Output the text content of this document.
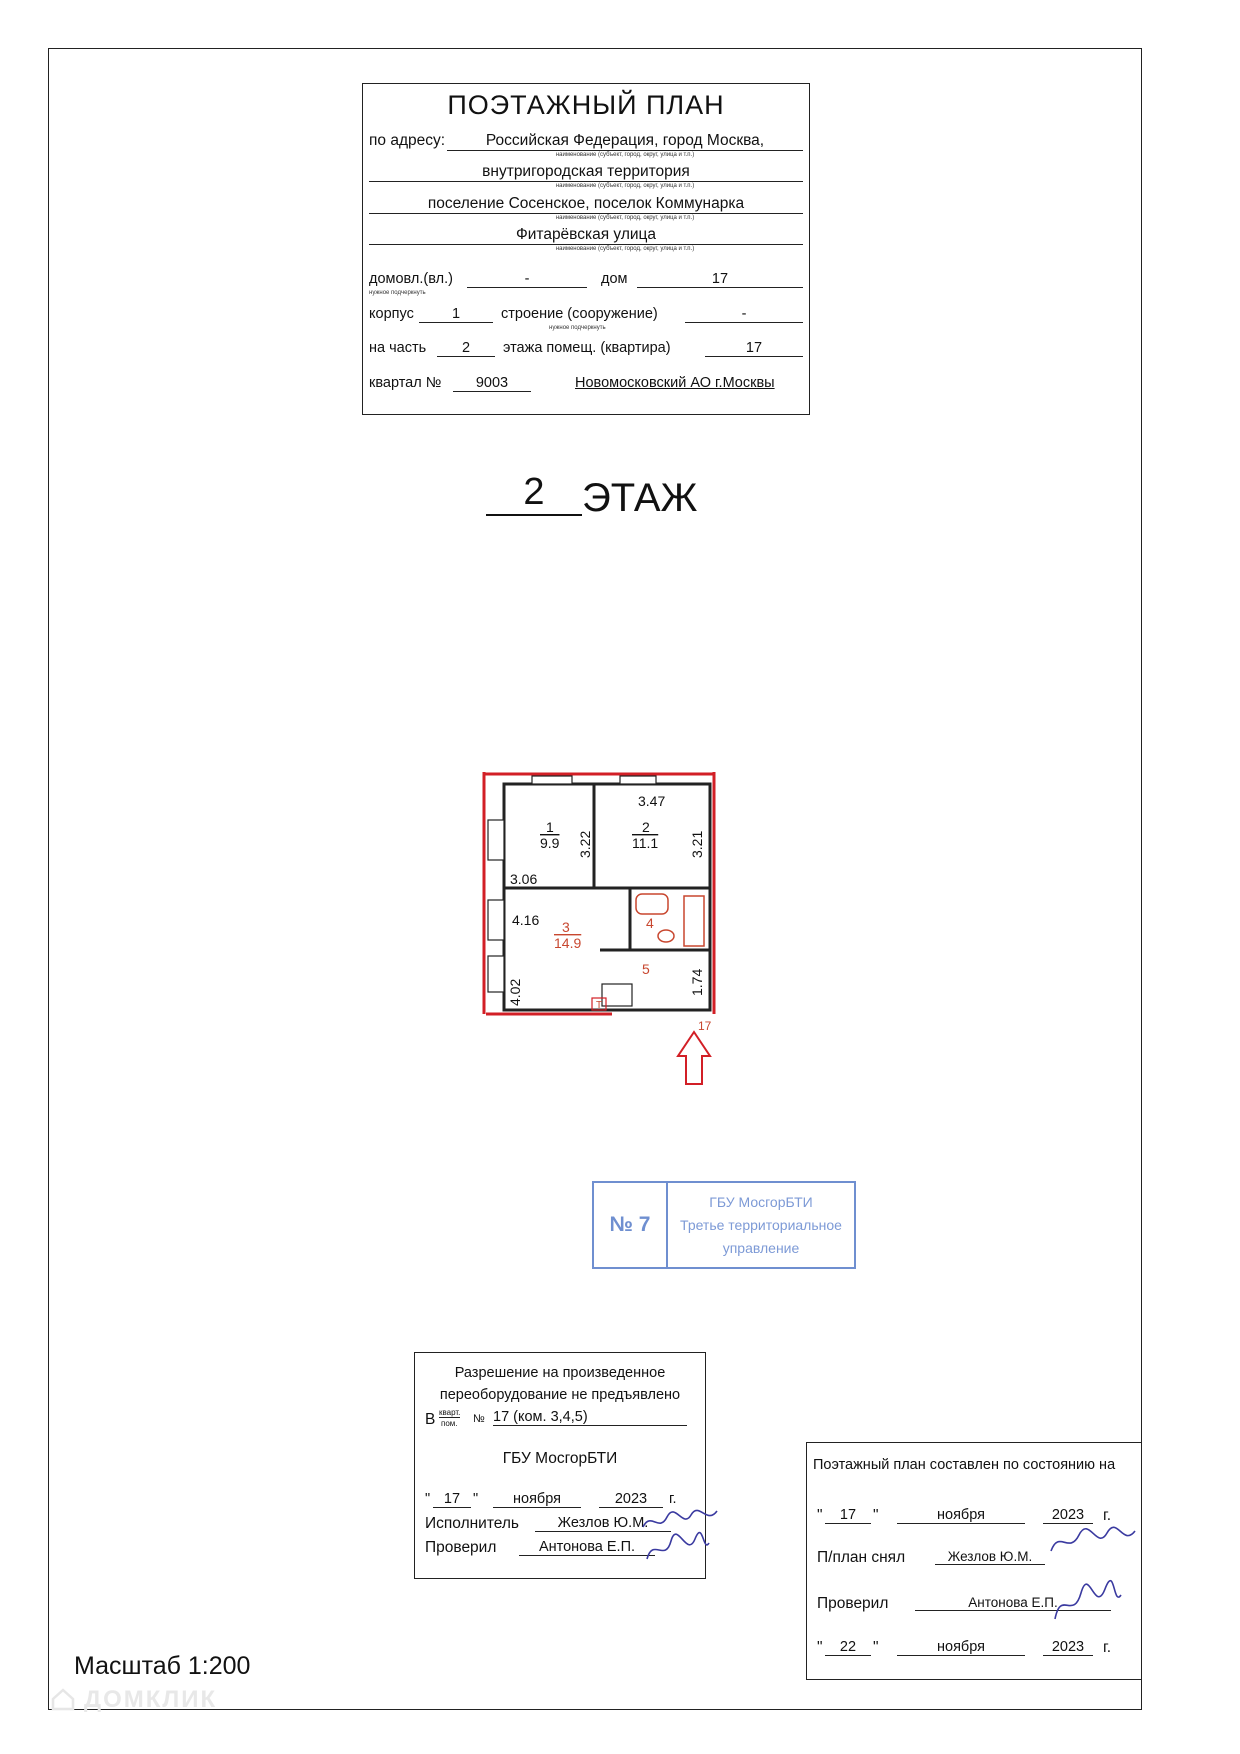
ПОЭТАЖНЫЙ ПЛАН
по адресу:	Российская Федерация, город Москва,
наименование (субъект, город, округ, улица и т.п.)
внутригородская территория
наименование (субъект, город, округ, улица и т.п.)
поселение Сосенское, поселок Коммунарка
наименование (субъект, город, округ, улица и т.п.)
Фитарёвская улица
наименование (субъект, город, округ, улица и т.п.)
домовл.(вл.)	-	дом	17
нужное подчеркнуть
корпус	1	строение (сооружение)	-
нужное подчеркнуть
на часть	2	этажа помещ. (квартира)	17
квартал №	9003	Новомосковский АО г.Москвы
2 ЭТАЖ
3.47
3.22	3.21
3.06
4.16
4.02	1.74
1
9.9
2
11.1
3
14.9
4
5
Т
17
№ 7
ГБУ МосгорБТИ
Третье территориальное
управление
Разрешение на произведенное
переоборудование не предъявлено
В кварт.
пом. № 17 (ком. 3,4,5)
ГБУ МосгорБТИ
" 17 "	ноября	2023	г.
Исполнитель	Жезлов Ю.М.
Проверил	Антонова Е.П.
Поэтажный план составлен по состоянию на
"	17	"	ноября	2023	г.
П/план снял	Жезлов Ю.М.
Проверил	Антонова Е.П.
"	22	"	ноября	2023	г.
Масштаб 1:200
ДОМКЛИК
